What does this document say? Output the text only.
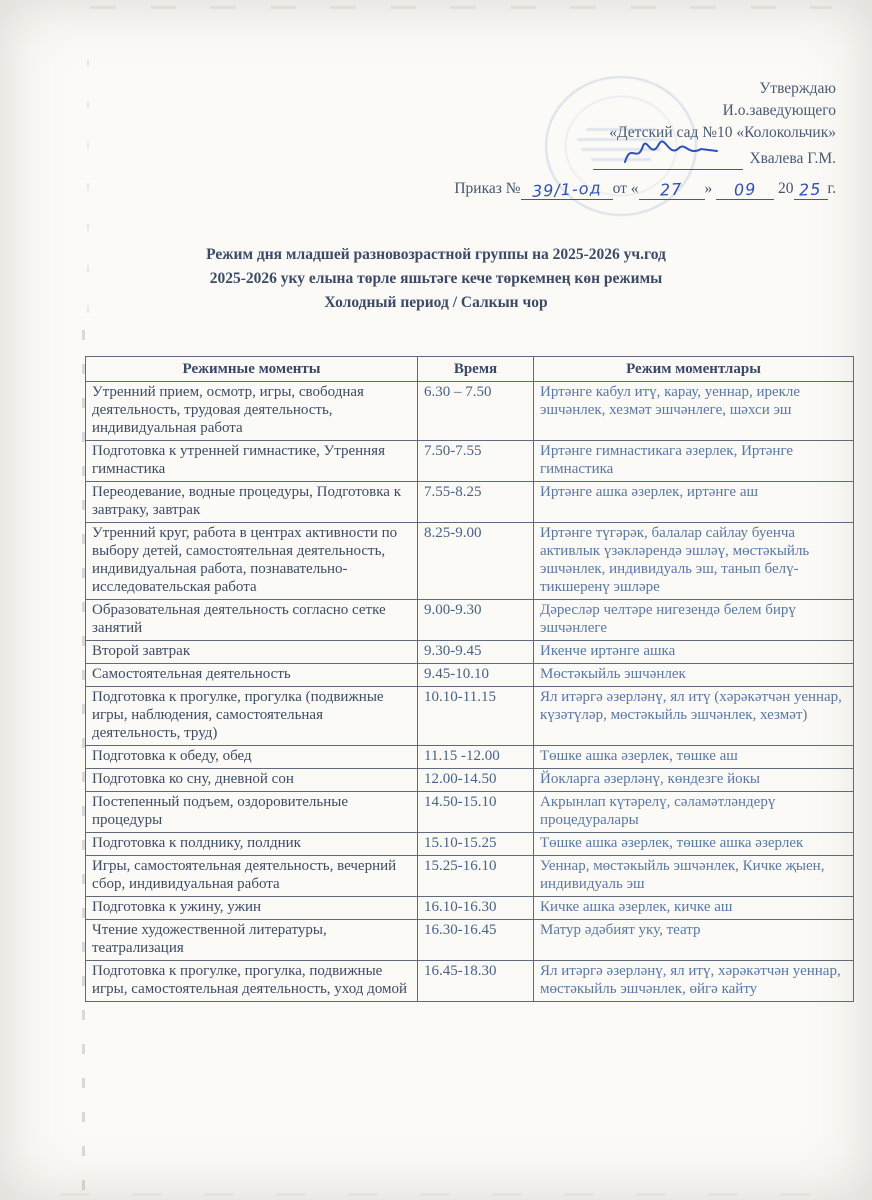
Утверждаю
И.о.заведующего
«Детский сад №10 «Колокольчик»
Хвалева Г.М.
Приказ № 39/1-од от « 27 » 09 20 25 г.
Режим дня младшей разновозрастной группы на 2025-2026 уч.год
2025-2026 уку елына төрле яшьтәге кече төркемнең көн режимы
Холодный период / Салкын чор
Режимные моменты	Время	Режим моментлары
Утренний прием, осмотр, игры, свободная деятельность, трудовая деятельность, индивидуальная работа	6.30 – 7.50	Иртәнге кабул итү, карау, уеннар, ирекле эшчәнлек, хезмәт эшчәнлеге, шәхси эш
Подготовка к утренней гимнастике, Утренняя гимнастика	7.50-7.55	Иртәнге гимнастикага әзерлек, Иртәнге гимнастика
Переодевание, водные процедуры, Подготовка к завтраку, завтрак	7.55-8.25	Иртәнге ашка әзерлек, иртәнге аш
Утренний круг, работа в центрах активности по выбору детей, самостоятельная деятельность, индивидуальная работа, познавательно-исследовательская работа	8.25-9.00	Иртәнге түгәрәк, балалар сайлау буенча активлык үзәкләрендә эшләү, мөстәкыйль эшчәнлек, индивидуаль эш, танып белү-тикшеренү эшләре
Образовательная деятельность согласно сетке занятий	9.00-9.30	Дәресләр челтәре нигезендә белем бирү эшчәнлеге
Второй завтрак	9.30-9.45	Икенче иртәнге ашка
Самостоятельная деятельность	9.45-10.10	Мөстәкыйль эшчәнлек
Подготовка к прогулке, прогулка (подвижные игры, наблюдения, самостоятельная деятельность, труд)	10.10-11.15	Ял итәргә әзерләнү, ял итү (хәрәкәтчән уеннар, күзәтүләр, мөстәкыйль эшчәнлек, хезмәт)
Подготовка к обеду, обед	11.15 -12.00	Төшке ашка әзерлек, төшке аш
Подготовка ко сну, дневной сон	12.00-14.50	Йокларга әзерләнү, көндезге йокы
Постепенный подъем, оздоровительные процедуры	14.50-15.10	Акрынлап күтәрелү, сәламәтләндерү процедуралары
Подготовка к полднику, полдник	15.10-15.25	Төшке ашка әзерлек, төшке ашка әзерлек
Игры, самостоятельная деятельность, вечерний сбор, индивидуальная работа	15.25-16.10	Уеннар, мөстәкыйль эшчәнлек, Кичке җыен, индивидуаль эш
Подготовка к ужину, ужин	16.10-16.30	Кичке ашка әзерлек, кичке аш
Чтение художественной литературы, театрализация	16.30-16.45	Матур әдәбият уку, театр
Подготовка к прогулке, прогулка, подвижные игры, самостоятельная деятельность, уход домой	16.45-18.30	Ял итәргә әзерләнү, ял итү, хәрәкәтчән уеннар, мөстәкыйль эшчәнлек, өйгә кайту
